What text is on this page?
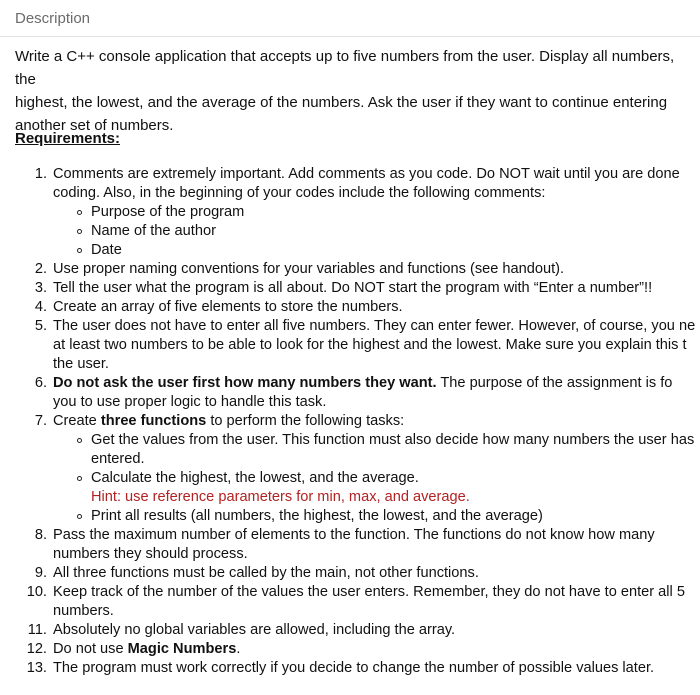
Description

Write a C++ console application that accepts up to five numbers from the user. Display all numbers, the
highest, the lowest, and the average of the numbers. Ask the user if they want to continue entering
another set of numbers.

Requirements:
1. Comments are extremely important. Add comments as you code. Do NOT wait until you are done
coding. Also, in the beginning of your codes include the following comments:
Purpose of the program
Name of the author
Date
2. Use proper naming conventions for your variables and functions (see handout).
3. Tell the user what the program is all about. Do NOT start the program with “Enter a number”!!
4. Create an array of five elements to store the numbers.
5. The user does not have to enter all five numbers. They can enter fewer. However, of course, you ne
at least two numbers to be able to look for the highest and the lowest. Make sure you explain this t
the user.
6. Do not ask the user first how many numbers they want. The purpose of the assignment is fo
you to use proper logic to handle this task.
7. Create three functions to perform the following tasks:
Get the values from the user. This function must also decide how many numbers the user has
entered.
Calculate the highest, the lowest, and the average.
Hint: use reference parameters for min, max, and average.
Print all results (all numbers, the highest, the lowest, and the average)
8. Pass the maximum number of elements to the function. The functions do not know how many
numbers they should process.
9. All three functions must be called by the main, not other functions.
10. Keep track of the number of the values the user enters. Remember, they do not have to enter all 5
numbers.
11. Absolutely no global variables are allowed, including the array.
12. Do not use Magic Numbers.
13. The program must work correctly if you decide to change the number of possible values later.
